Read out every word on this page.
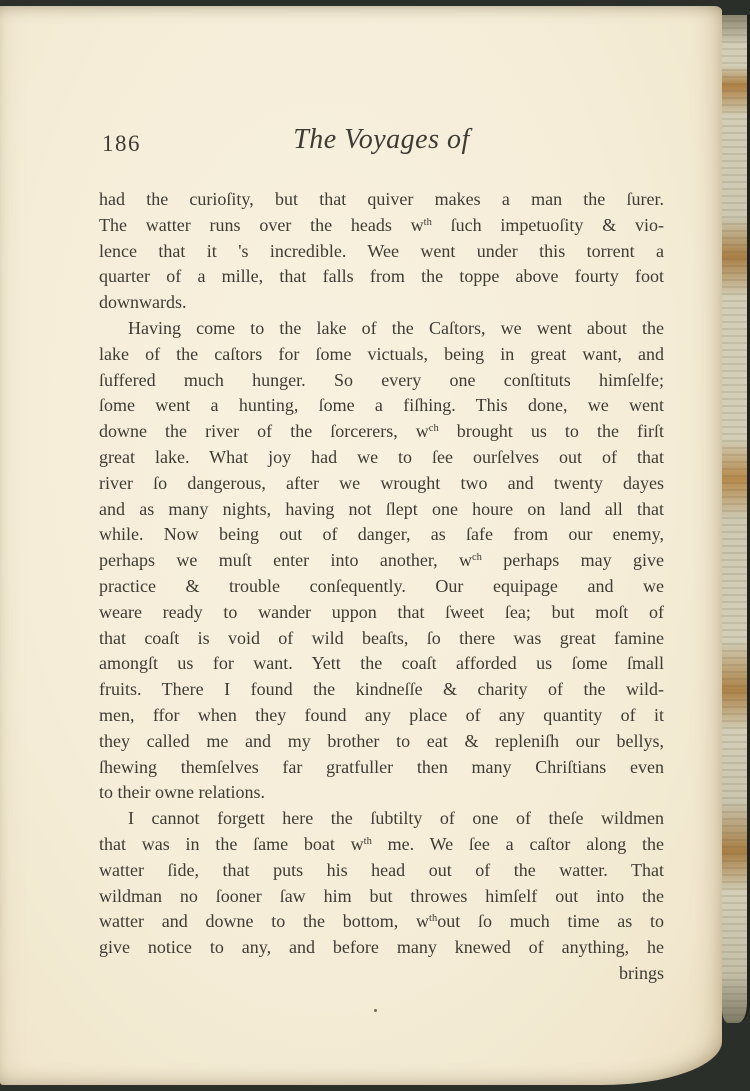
186	The Voyages of
had the curioſity, but that quiver makes a man the ſurer.
The watter runs over the heads $w^{th}$ ſuch impetuoſity & vio-
lence that it 's incredible. Wee went under this torrent a
quarter of a mille, that falls from the toppe above fourty foot
downwards.
Having come to the lake of the Caſtors, we went about the
lake of the caſtors for ſome victuals, being in great want, and
ſuffered much hunger. So every one conſtituts himſelfe;
ſome went a hunting, ſome a fiſhing. This done, we went
downe the river of the ſorcerers, $w^{ch}$ brought us to the firſt
great lake. What joy had we to ſee ourſelves out of that
river ſo dangerous, after we wrought two and twenty dayes
and as many nights, having not ſlept one houre on land all that
while. Now being out of danger, as ſafe from our enemy,
perhaps we muſt enter into another, $w^{ch}$ perhaps may give
practice & trouble conſequently. Our equipage and we
weare ready to wander uppon that ſweet ſea; but moſt of
that coaſt is void of wild beaſts, ſo there was great famine
amongſt us for want. Yett the coaſt afforded us ſome ſmall
fruits. There I found the kindneſſe & charity of the wild-
men, ffor when they found any place of any quantity of it
they called me and my brother to eat & repleniſh our bellys,
ſhewing themſelves far gratfuller then many Chriſtians even
to their owne relations.
I cannot forgett here the ſubtilty of one of theſe wildmen
that was in the ſame boat $w^{th}$ me. We ſee a caſtor along the
watter ſide, that puts his head out of the watter. That
wildman no ſooner ſaw him but throwes himſelf out into the
watter and downe to the bottom, $w^{th}out$ ſo much time as to
give notice to any, and before many knewed of anything, he
brings
